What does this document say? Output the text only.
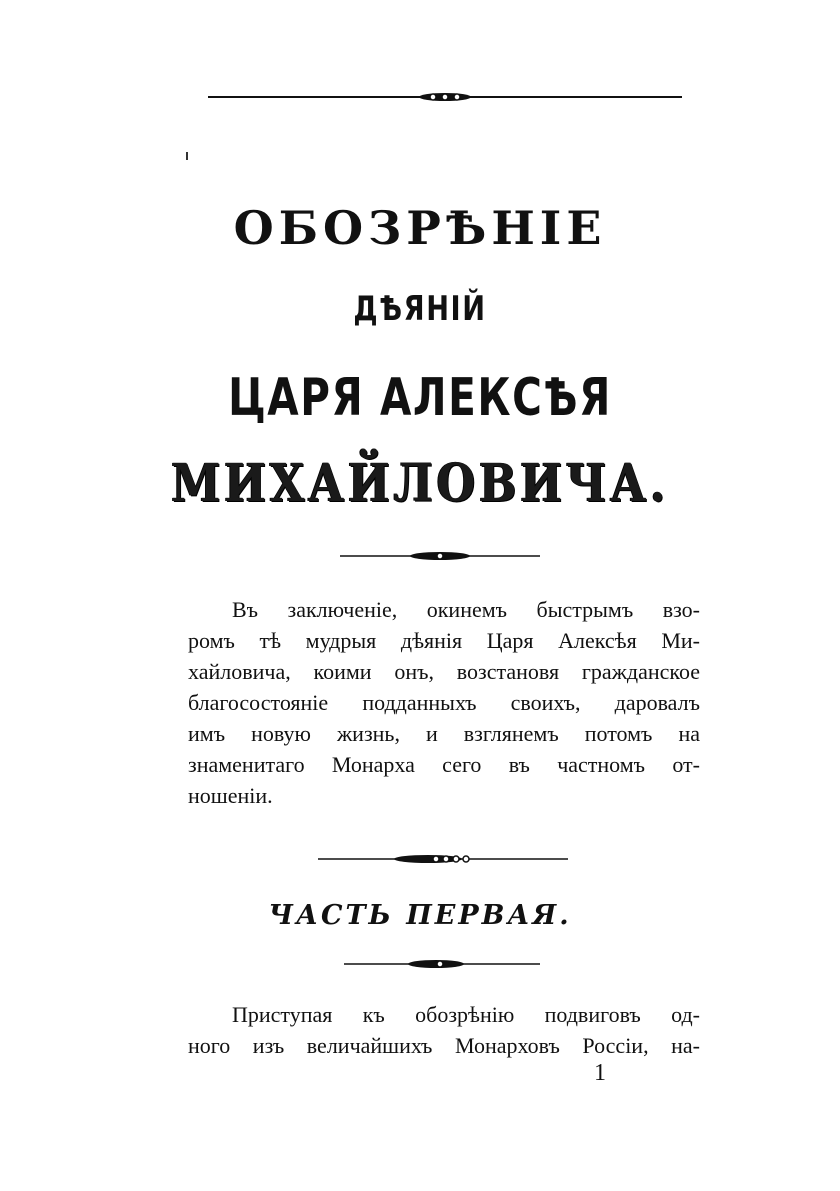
ОБОЗРѢНІЕ
ДѢЯНІЙ
ЦАРЯ АЛЕКСѢЯ
МИХАЙЛОВИЧА.
Въ заключеніе, окинемъ быстрымъ взо-
ромъ тѣ мудрыя дѣянія Царя Алексѣя Ми-
хайловича, коими онъ, возстановя гражданское
благосостояніе подданныхъ своихъ, даровалъ
имъ новую жизнь, и взглянемъ потомъ на
знаменитаго Монарха сего въ частномъ от-
ношеніи.
ЧАСТЬ ПЕРВАЯ.
Приступая къ обозрѣнію подвиговъ од-
ного изъ величайшихъ Монарховъ Россіи, на-
1
